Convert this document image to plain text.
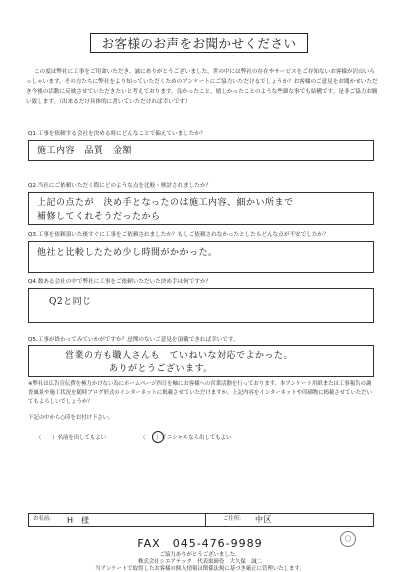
お客様のお声をお聞かせください
この度は弊社に工事をご用命いただき、誠にありがとうございました。世の中には弊社の存在やサービスをご存知ないお客様が沢山いらっしゃいます。その方たちに弊社をより知っていただくためのアンケートにご協力いただけるでしょうか？お客様のご意見をお聞かせいただき今後の活動に反映させていただきたいと考えております。良かったこと、嬉しかったことのような些細な事でも結構です。是非ご協力お願い致します。（出来るだけ具体的に書いていただければ幸いです）
Q1.工事を依頼する会社を決める時にどんなことで偏えていましたか？
施工内容　品質　金額
Q2.当社にご依頼いただく際にどのような点を比較・検討されましたか？
上記の点たが　決め手となったのは施工内容、細かい所まで
補修してくれそうだったから
Q3.工事を依頼頂いた後すぐに工事をご依頼されましたか？もしご依頼されなかったとしたらどんな点が不安でしたか？
他社と比較したため少し時間がかかった。
Q4.数ある会社の中で弊社に工事をご依頼いただいた決め手は何ですか？
Q2と同じ
Q5.工事が終わってみていかがですか？忌憚のないご意見を頂戴できれば幸いです。
営業の方も職人さんも　ていねいな対応でよかった。
ありがとうございます。
※弊社は広告宣伝費を極力かけない為にホームページ四日を軸にお客様への営業活動を行っております。本アンケート用紙または工事報告の調査風景や施工状況を随時ブログ形式のインターネットに掲載させていただけますか。上記内容をインターネットや印刷物に掲載させていただいてもよろしいでしょうか？
下記の中から○印をお付け下さい。
（　　）名前を出してもよい	（　　）イニシャルなら出してもよい
お名前: H　様	ご住所: 中区
FAX　045-476-9989	◯
ご協力ありがとうございました。
株式会社シエアテック　代表取締役　大久保　誠二
当アンケートで取得したお客様の個人情報は関係法規に基づき厳正に管理いたします。
